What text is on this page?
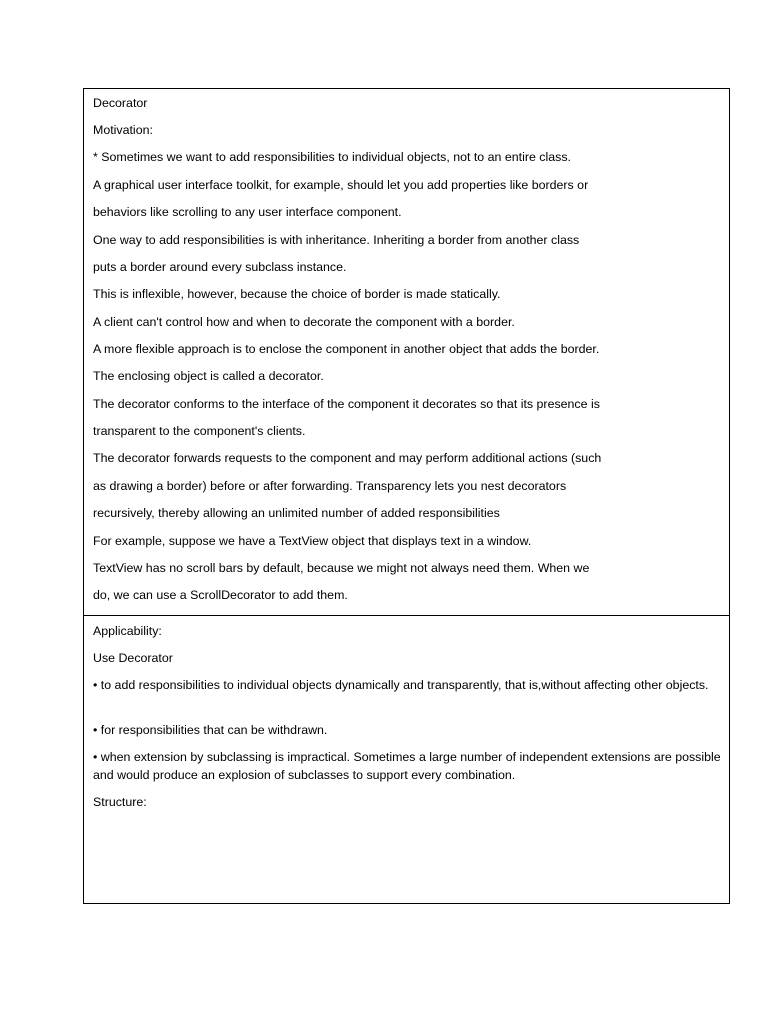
Decorator
Motivation:
* Sometimes we want to add responsibilities to individual objects, not to an entire class.
A graphical user interface toolkit, for example, should let you add properties like borders or
behaviors like scrolling to any user interface component.
One way to add responsibilities is with inheritance. Inheriting a border from another class
puts a border around every subclass instance.
This is inflexible, however, because the choice of border is made statically.
A client can't control how and when to decorate the component with a border.
A more flexible approach is to enclose the component in another object that adds the border.
The enclosing object is called a decorator.
The decorator conforms to the interface of the component it decorates so that its presence is
transparent to the component's clients.
The decorator forwards requests to the component and may perform additional actions (such
as drawing a border) before or after forwarding. Transparency lets you nest decorators
recursively, thereby allowing an unlimited number of added responsibilities
For example, suppose we have a TextView object that displays text in a window.
TextView has no scroll bars by default, because we might not always need them. When we
do, we can use a ScrollDecorator to add them.
Applicability:
Use Decorator
• to add responsibilities to individual objects dynamically and transparently, that is,without affecting other objects.
• for responsibilities that can be withdrawn.
• when extension by subclassing is impractical. Sometimes a large number of independent extensions are possible and would produce an explosion of subclasses to support every combination.
Structure:
